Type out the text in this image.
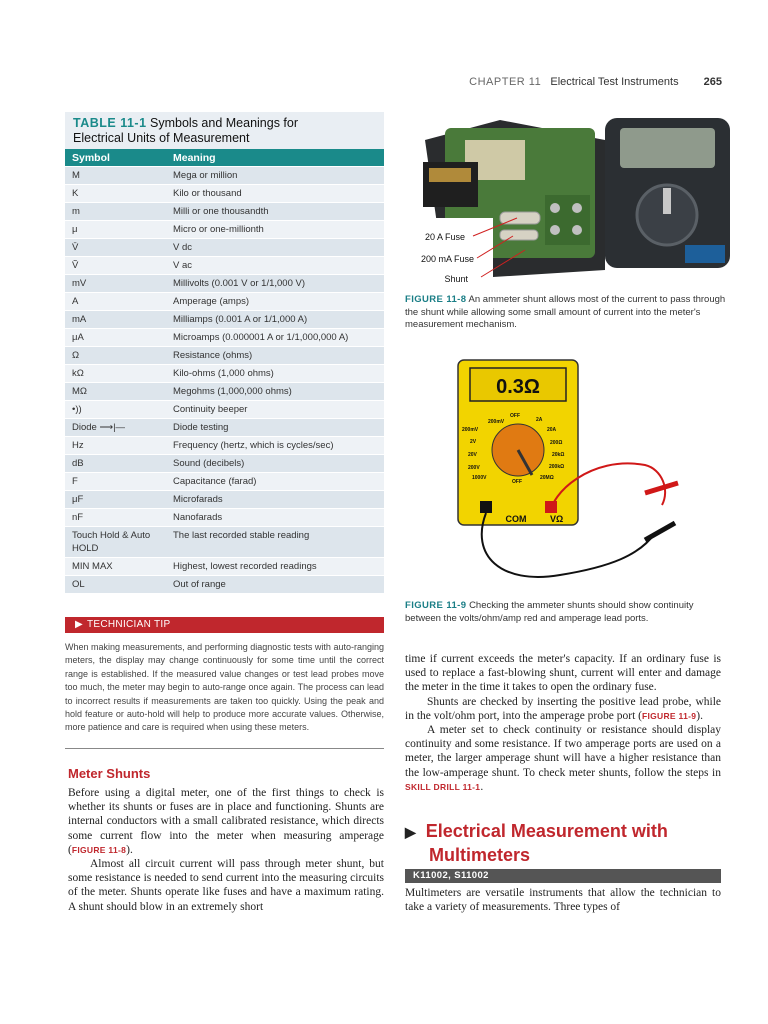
CHAPTER 11 Electrical Test Instruments 265
TABLE 11-1 Symbols and Meanings for
Electrical Units of Measurement
Symbol	Meaning
M	Mega or million
K	Kilo or thousand
m	Milli or one thousandth
μ	Micro or one-millionth
V̄	V dc
Ṽ	V ac
mV	Millivolts (0.001 V or 1/1,000 V)
A	Amperage (amps)
mA	Milliamps (0.001 A or 1/1,000 A)
μA	Microamps (0.000001 A or 1/1,000,000 A)
Ω	Resistance (ohms)
kΩ	Kilo-ohms (1,000 ohms)
MΩ	Megohms (1,000,000 ohms)
•))	Continuity beeper
Diode ⟶|—	Diode testing
Hz	Frequency (hertz, which is cycles/sec)
dB	Sound (decibels)
F	Capacitance (farad)
μF	Microfarads
nF	Nanofarads
Touch Hold & Auto HOLD	The last recorded stable reading
MIN MAX	Highest, lowest recorded readings
OL	Out of range
20 A Fuse
200 mA Fuse
Shunt
FIGURE 11-8 An ammeter shunt allows most of the current to pass through the shunt while allowing some small amount of current into the meter's measurement mechanism.
0.3Ω
OFF
200mV
200mV
2V
20V
200V
1000V
2A
20A
200Ω
20kΩ
200kΩ
20MΩ
OFF
COM	VΩ
FIGURE 11-9 Checking the ammeter shunts should show continuity between the volts/ohm/amp red and amperage lead ports.
▶ TECHNICIAN TIP
When making measurements, and performing diagnostic tests with auto-ranging meters, the display may change continuously for some time until the correct range is established. If the measured value changes or test lead probes move too much, the meter may begin to auto-range once again. The process can lead to incorrect results if measurements are taken too quickly. Using the peak and hold feature or auto-hold will help to produce more accurate values. Otherwise, more patience and care is required when using these meters.
Meter Shunts

Before using a digital meter, one of the first things to check is whether its shunts or fuses are in place and functioning. Shunts are internal conductors with a small calibrated resistance, which directs some current flow into the meter when measuring amperage (FIGURE 11-8).

Almost all circuit current will pass through meter shunt, but some resistance is needed to send current into the measuring circuits of the meter. Shunts operate like fuses and have a maximum rating. A shunt should blow in an extremely short

time if current exceeds the meter's capacity. If an ordinary fuse is used to replace a fast-blowing shunt, current will enter and damage the meter in the time it takes to open the ordinary fuse.

Shunts are checked by inserting the positive lead probe, while in the volt/ohm port, into the amperage probe port (FIGURE 11-9).

A meter set to check continuity or resistance should display continuity and some resistance. If two amperage ports are used on a meter, the larger amperage shunt will have a higher resistance than the low-amperage shunt. To check meter shunts, follow the steps in SKILL DRILL 11-1.

▶ Electrical Measurement with
Multimeters
K11002, S11002

Multimeters are versatile instruments that allow the technician to take a variety of measurements. Three types of
